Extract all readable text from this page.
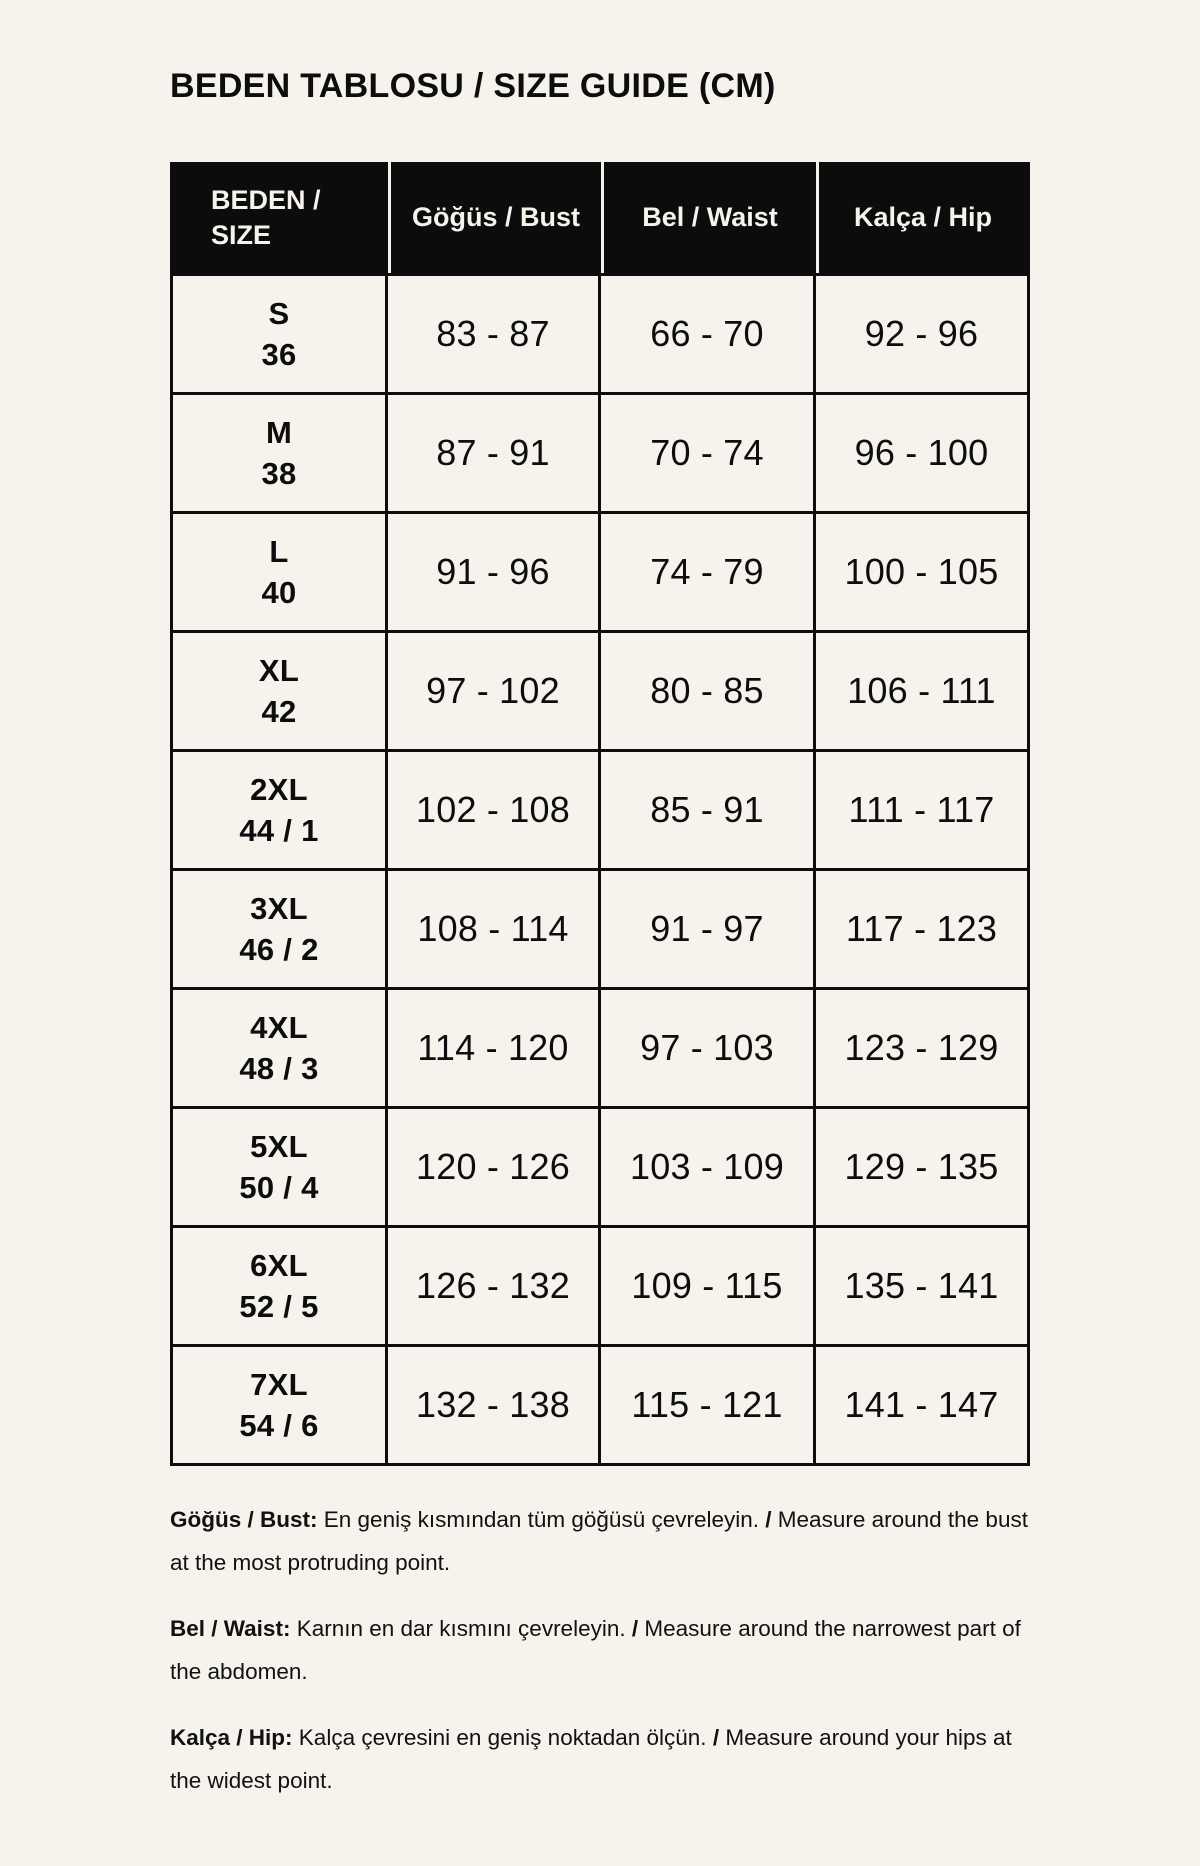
BEDEN TABLOSU / SIZE GUIDE (CM)
BEDEN /
SIZE	Göğüs / Bust	Bel / Waist	Kalça / Hip
S
36	83 - 87	66 - 70	92 - 96
M
38	87 - 91	70 - 74	96 - 100
L
40	91 - 96	74 - 79	100 - 105
XL
42	97 - 102	80 - 85	106 - 111
2XL
44 / 1	102 - 108	85 - 91	111 - 117
3XL
46 / 2	108 - 114	91 - 97	117 - 123
4XL
48 / 3	114 - 120	97 - 103	123 - 129
5XL
50 / 4	120 - 126	103 - 109	129 - 135
6XL
52 / 5	126 - 132	109 - 115	135 - 141
7XL
54 / 6	132 - 138	115 - 121	141 - 147

Göğüs / Bust: En geniş kısmından tüm göğüsü çevreleyin. / Measure around the bust at the most protruding point.

Bel / Waist: Karnın en dar kısmını çevreleyin. / Measure around the narrowest part of the abdomen.

Kalça / Hip: Kalça çevresini en geniş noktadan ölçün. / Measure around your hips at the widest point.
